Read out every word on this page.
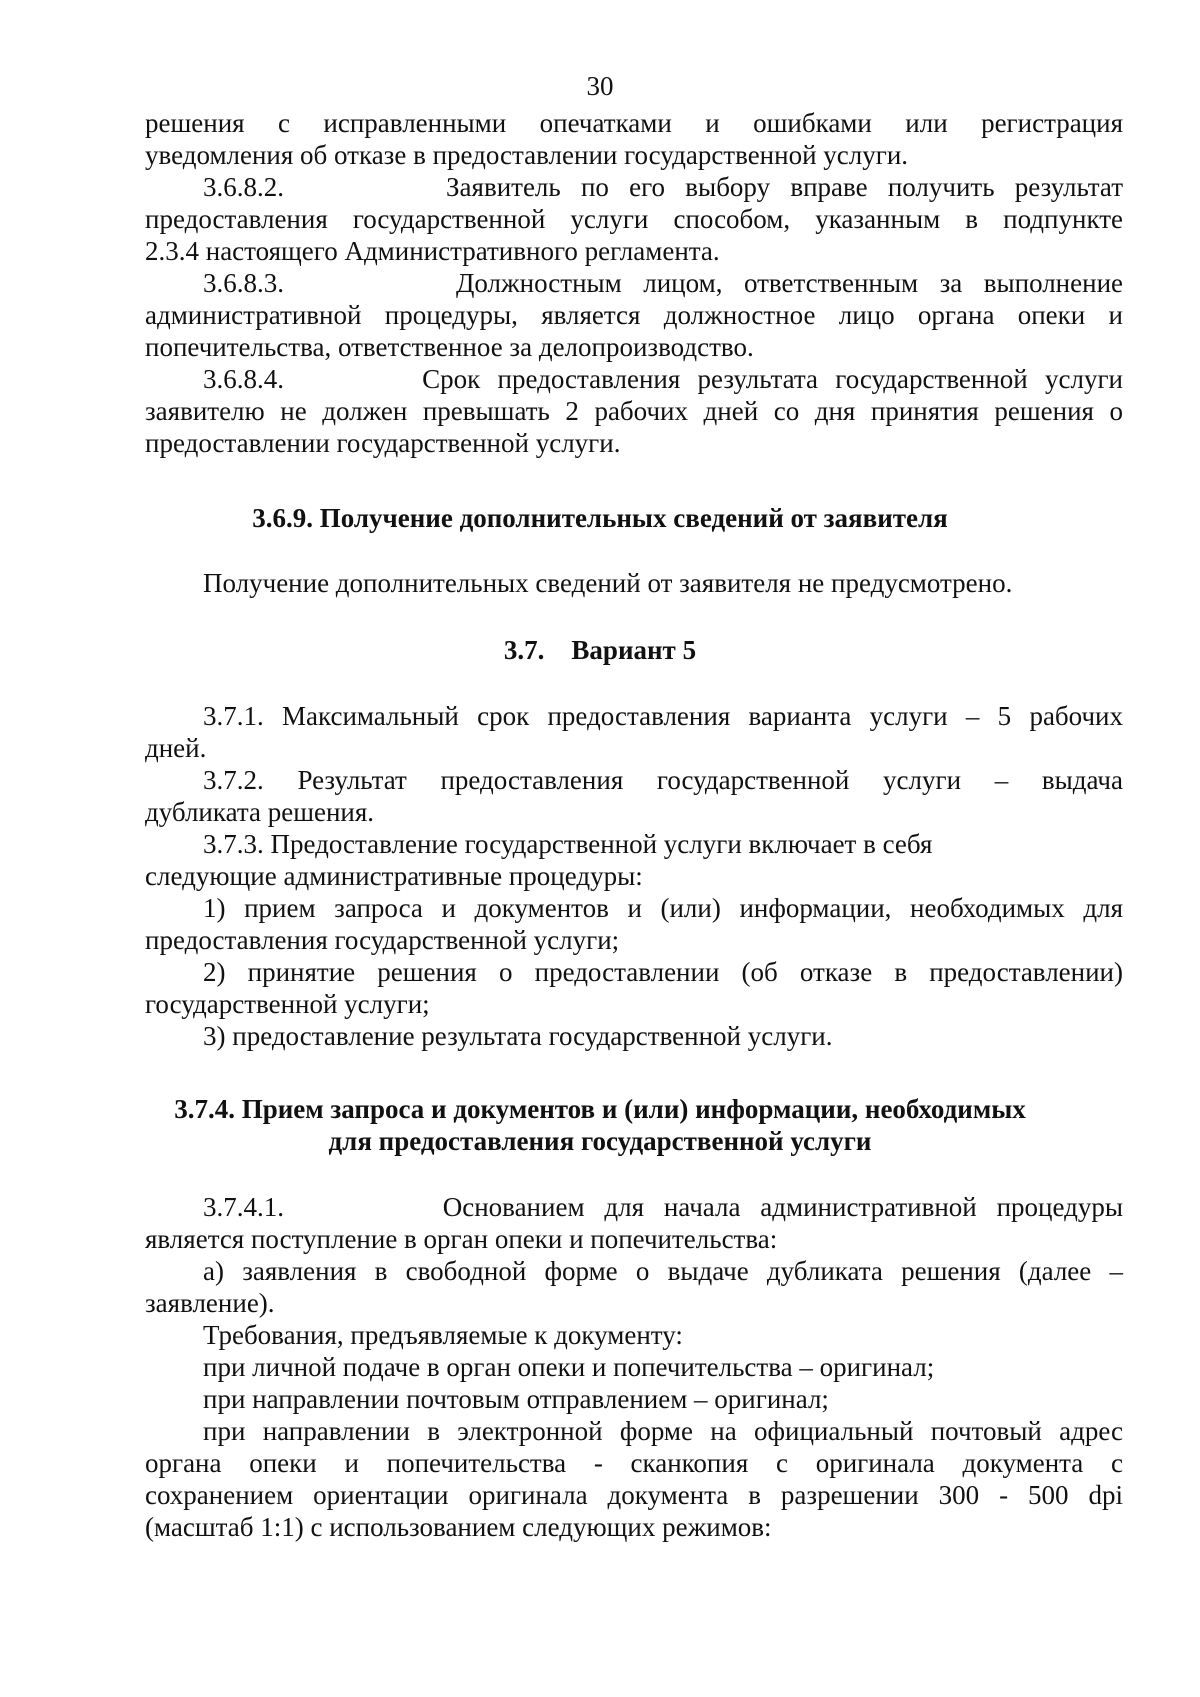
30
решения с исправленными опечатками и ошибками или регистрация
уведомления об отказе в предоставлении государственной услуги.
3.6.8.2.        Заявитель по его выбору вправе получить результат
предоставления государственной услуги способом, указанным в подпункте
2.3.4 настоящего Административного регламента.
3.6.8.3.        Должностным лицом, ответственным за выполнение
административной процедуры, является должностное лицо органа опеки и
попечительства, ответственное за делопроизводство.
3.6.8.4.        Срок предоставления результата государственной услуги
заявителю не должен превышать 2 рабочих дней со дня принятия решения о
предоставлении государственной услуги.
3.6.9. Получение дополнительных сведений от заявителя
Получение дополнительных сведений от заявителя не предусмотрено.
3.7.    Вариант 5
3.7.1. Максимальный срок предоставления варианта услуги – 5 рабочих
дней.
3.7.2. Результат предоставления государственной услуги – выдача
дубликата решения.
3.7.3. Предоставление государственной услуги включает в себя
следующие административные процедуры:
1) прием запроса и документов и (или) информации, необходимых для
предоставления государственной услуги;
2) принятие решения о предоставлении (об отказе в предоставлении)
государственной услуги;
3) предоставление результата государственной услуги.
3.7.4. Прием запроса и документов и (или) информации, необходимых
для предоставления государственной услуги
3.7.4.1.        Основанием для начала административной процедуры
является поступление в орган опеки и попечительства:
а) заявления в свободной форме о выдаче дубликата решения (далее –
заявление).
Требования, предъявляемые к документу:
при личной подаче в орган опеки и попечительства – оригинал;
при направлении почтовым отправлением – оригинал;
при направлении в электронной форме на официальный почтовый адрес
органа опеки и попечительства - сканкопия с оригинала документа с
сохранением ориентации оригинала документа в разрешении 300 - 500 dpi
(масштаб 1:1) с использованием следующих режимов:
